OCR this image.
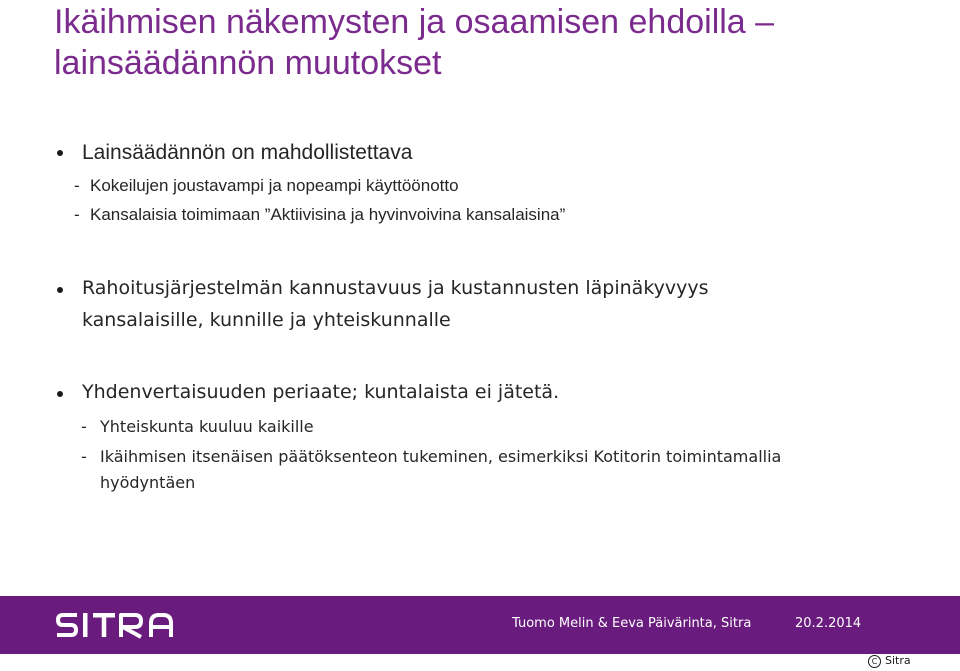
Ikäihmisen näkemysten ja osaamisen ehdoilla –
lainsäädännön muutokset
Lainsäädännön on mahdollistettava
- Kokeilujen joustavampi ja nopeampi käyttöönotto
- Kansalaisia toimimaan ”Aktiivisina ja hyvinvoivina kansalaisina”
Rahoitusjärjestelmän kannustavuus ja kustannusten läpinäkyvyys
kansalaisille, kunnille ja yhteiskunnalle
Yhdenvertaisuuden periaate; kuntalaista ei jätetä.
- Yhteiskunta kuuluu kaikille
- Ikäihmisen itsenäisen päätöksenteon tukeminen, esimerkiksi Kotitorin toimintamallia
hyödyntäen
Tuomo Melin & Eeva Päivärinta, Sitra	20.2.2014
C Sitra
